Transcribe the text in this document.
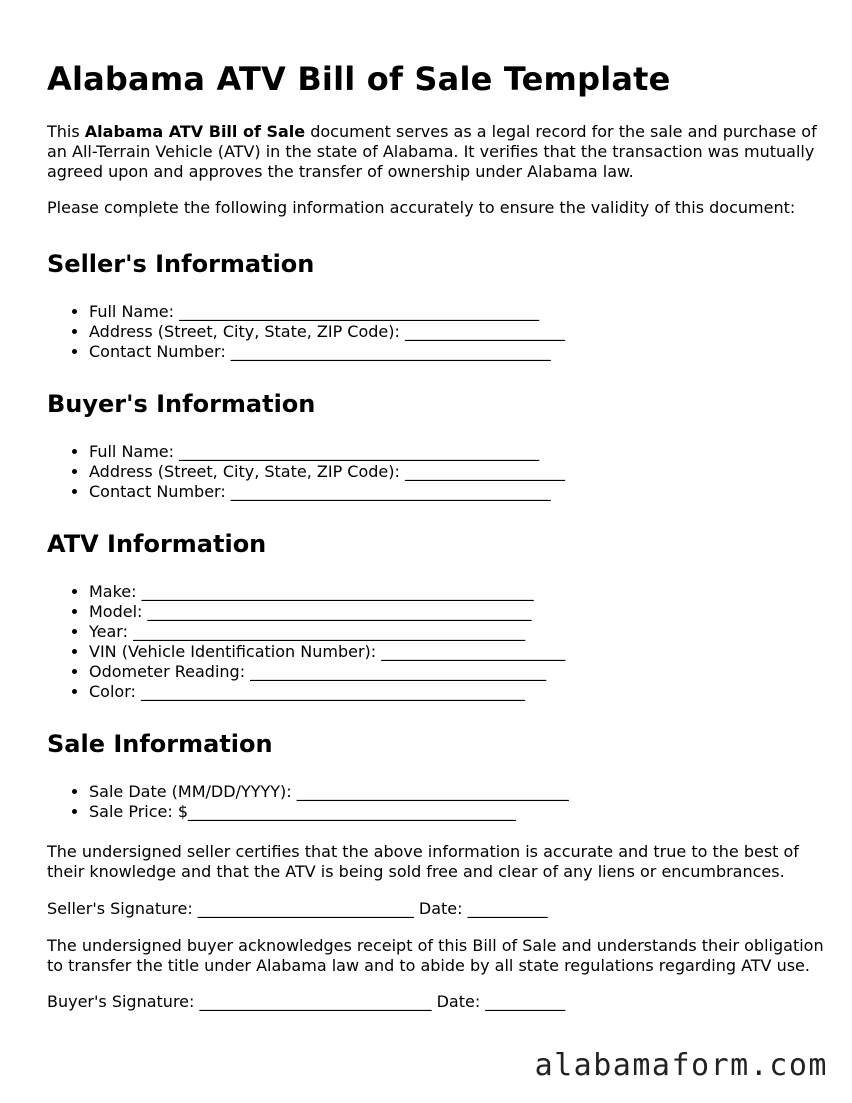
Alabama ATV Bill of Sale Template

This Alabama ATV Bill of Sale document serves as a legal record for the sale and purchase of an All-Terrain Vehicle (ATV) in the state of Alabama. It verifies that the transaction was mutually agreed upon and approves the transfer of ownership under Alabama law.

Please complete the following information accurately to ensure the validity of this document:

Seller's Information
• Full Name: _____________________________________________
• Address (Street, City, State, ZIP Code): ____________________
• Contact Number: ________________________________________
Buyer's Information
• Full Name: _____________________________________________
• Address (Street, City, State, ZIP Code): ____________________
• Contact Number: ________________________________________
ATV Information
• Make: _________________________________________________
• Model: ________________________________________________
• Year: _________________________________________________
• VIN (Vehicle Identification Number): _______________________
• Odometer Reading: _____________________________________
• Color: ________________________________________________
Sale Information
• Sale Date (MM/DD/YYYY): __________________________________
• Sale Price: $_________________________________________

The undersigned seller certifies that the above information is accurate and true to the best of their knowledge and that the ATV is being sold free and clear of any liens or encumbrances.

Seller's Signature: ___________________________ Date: __________

The undersigned buyer acknowledges receipt of this Bill of Sale and understands their obligation to transfer the title under Alabama law and to abide by all state regulations regarding ATV use.

Buyer's Signature: _____________________________ Date: __________

alabamaform.com
